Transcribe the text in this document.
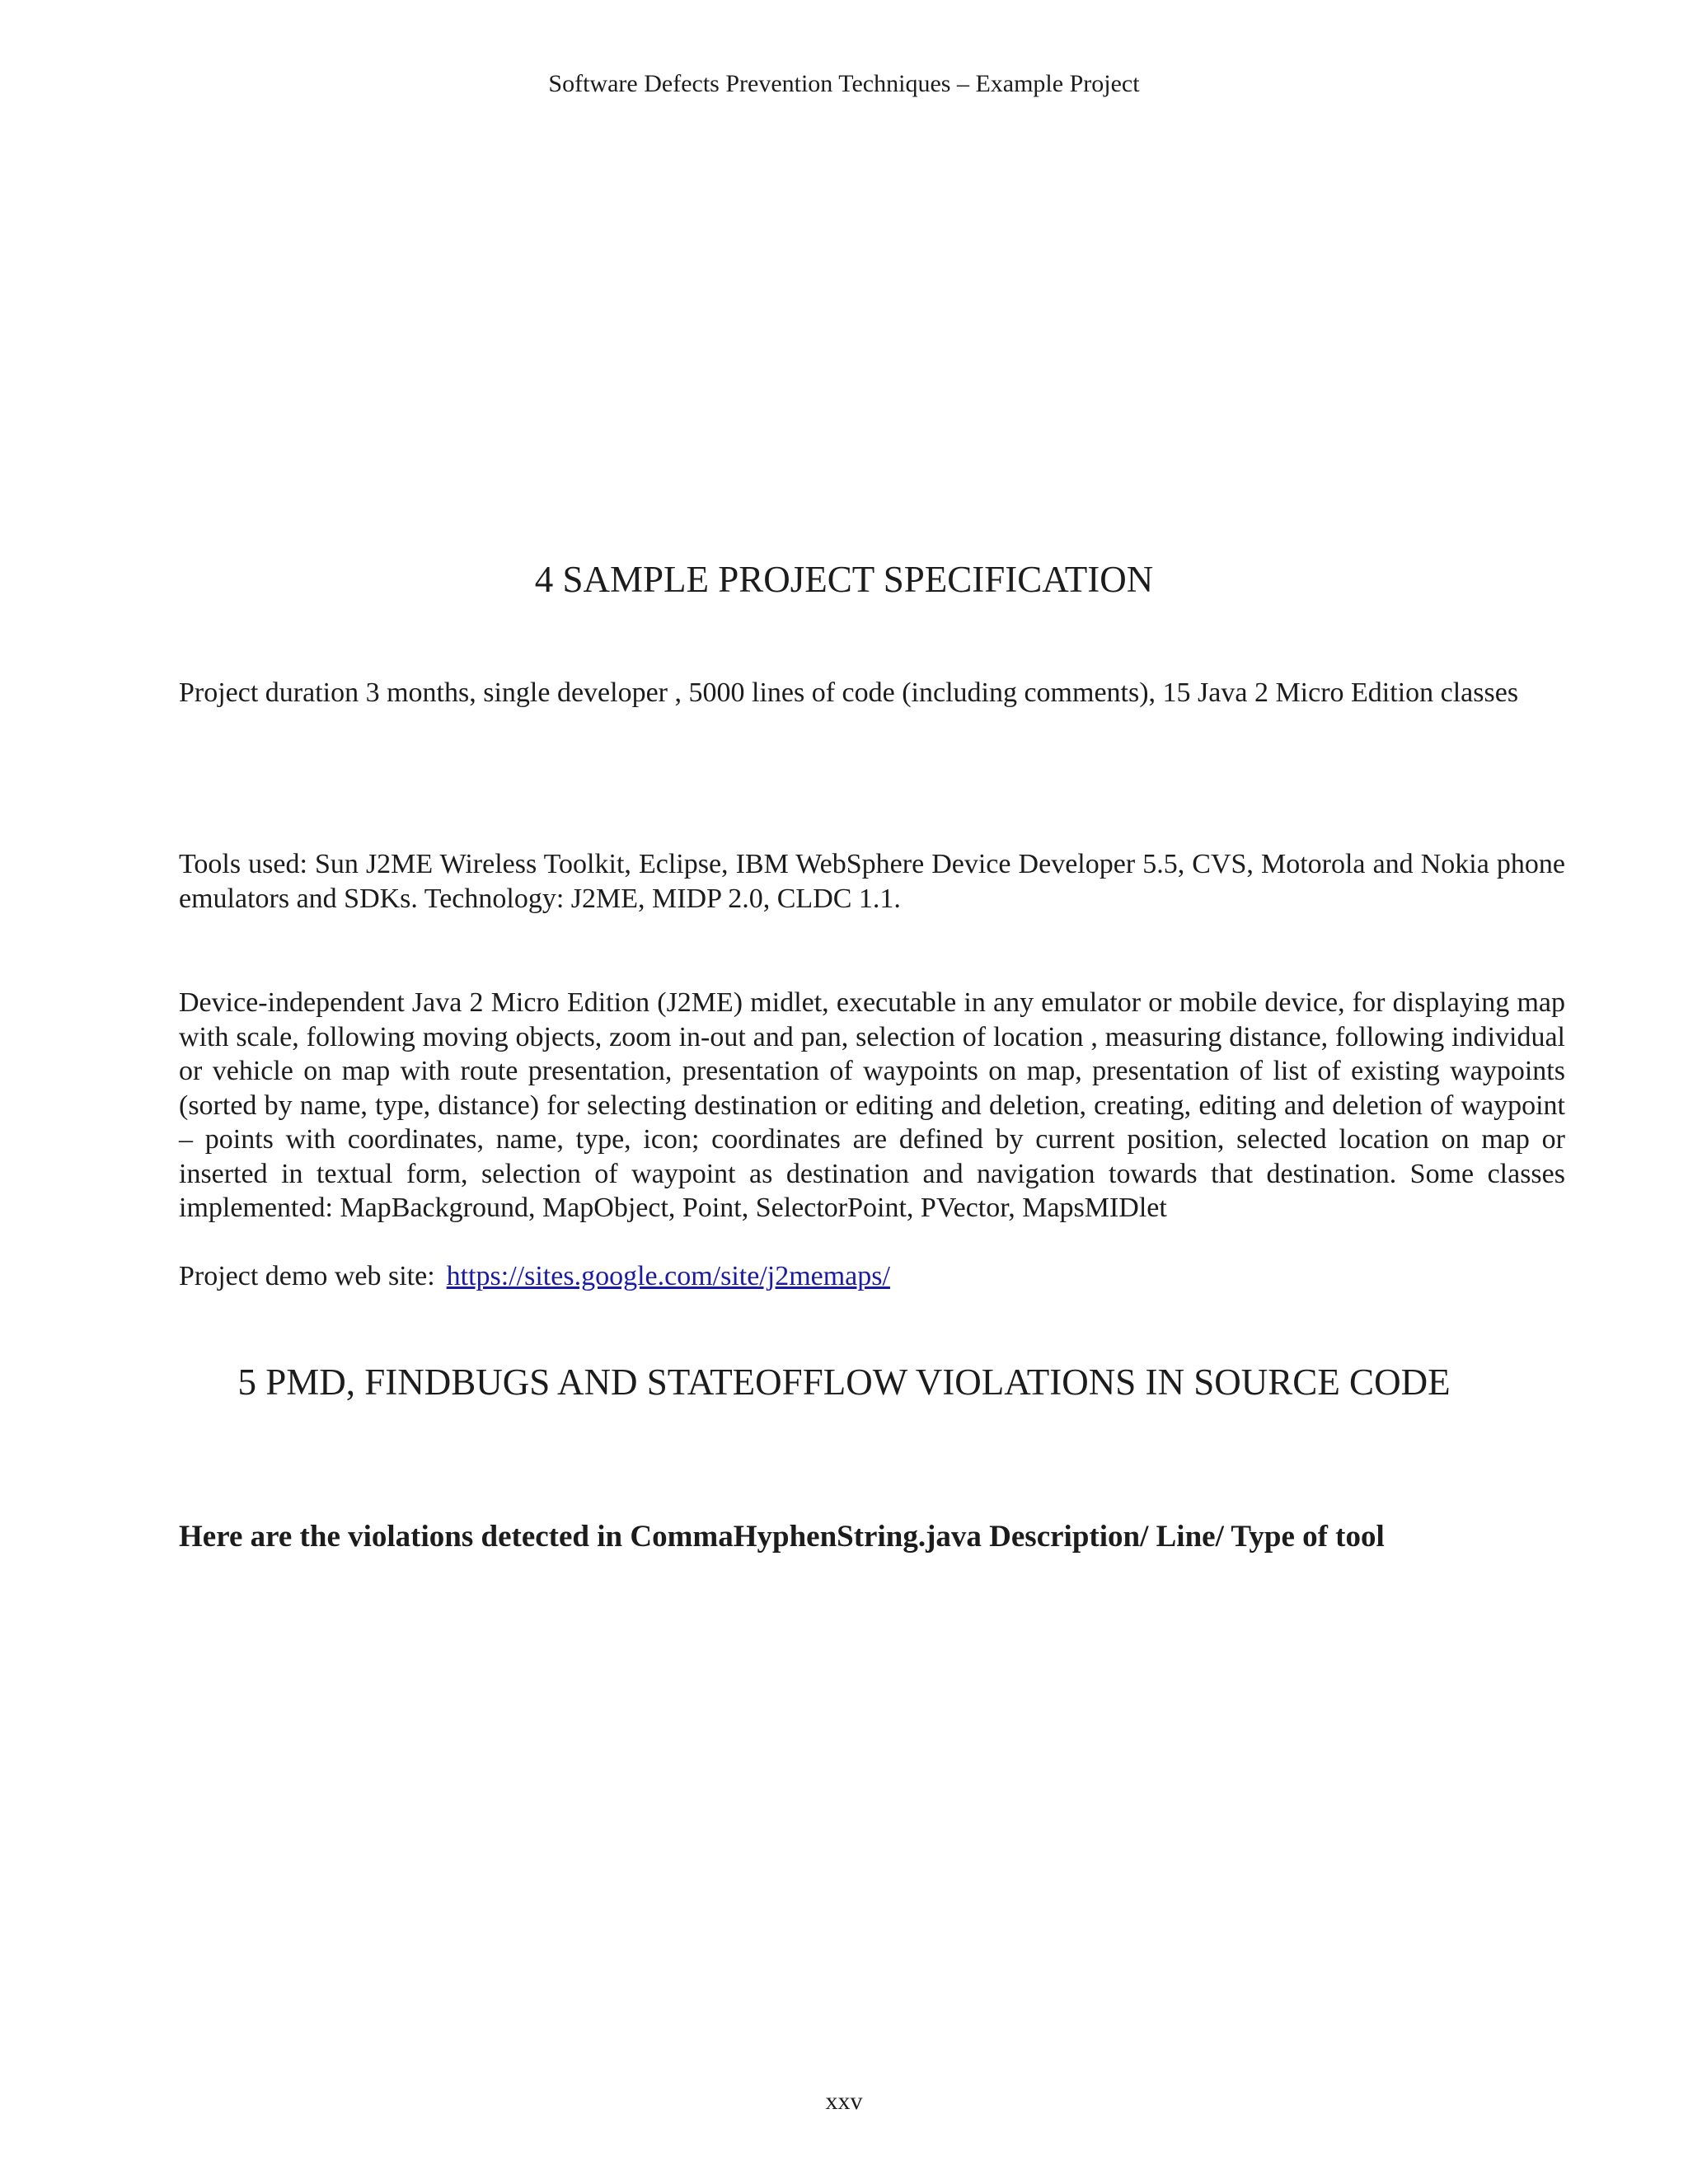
Software Defects Prevention Techniques – Example Project
4 SAMPLE PROJECT SPECIFICATION

Project duration 3 months, single developer , 5000 lines of code (including comments), 15 Java 2 Micro Edition classes

Tools used: Sun J2ME Wireless Toolkit, Eclipse, IBM WebSphere Device Developer 5.5, CVS, Motorola and Nokia phone emulators and SDKs. Technology: J2ME, MIDP 2.0, CLDC 1.1.

Device-independent Java 2 Micro Edition (J2ME) midlet, executable in any emulator or mobile device, for displaying map with scale, following moving objects, zoom in-out and pan, selection of location , measuring distance, following individual or vehicle on map with route presentation, presentation of waypoints on map, presentation of list of existing waypoints (sorted by name, type, distance) for selecting destination or editing and deletion, creating, editing and deletion of waypoint – points with coordinates, name, type, icon; coordinates are defined by current position, selected location on map or inserted in textual form, selection of waypoint as destination and navigation towards that destination. Some classes implemented: MapBackground, MapObject, Point, SelectorPoint, PVector, MapsMIDlet

Project demo web site: https://sites.google.com/site/j2memaps/

5 PMD, FINDBUGS AND STATEOFFLOW VIOLATIONS IN SOURCE CODE

Here are the violations detected in CommaHyphenString.java Description/ Line/ Type of tool

xxv
